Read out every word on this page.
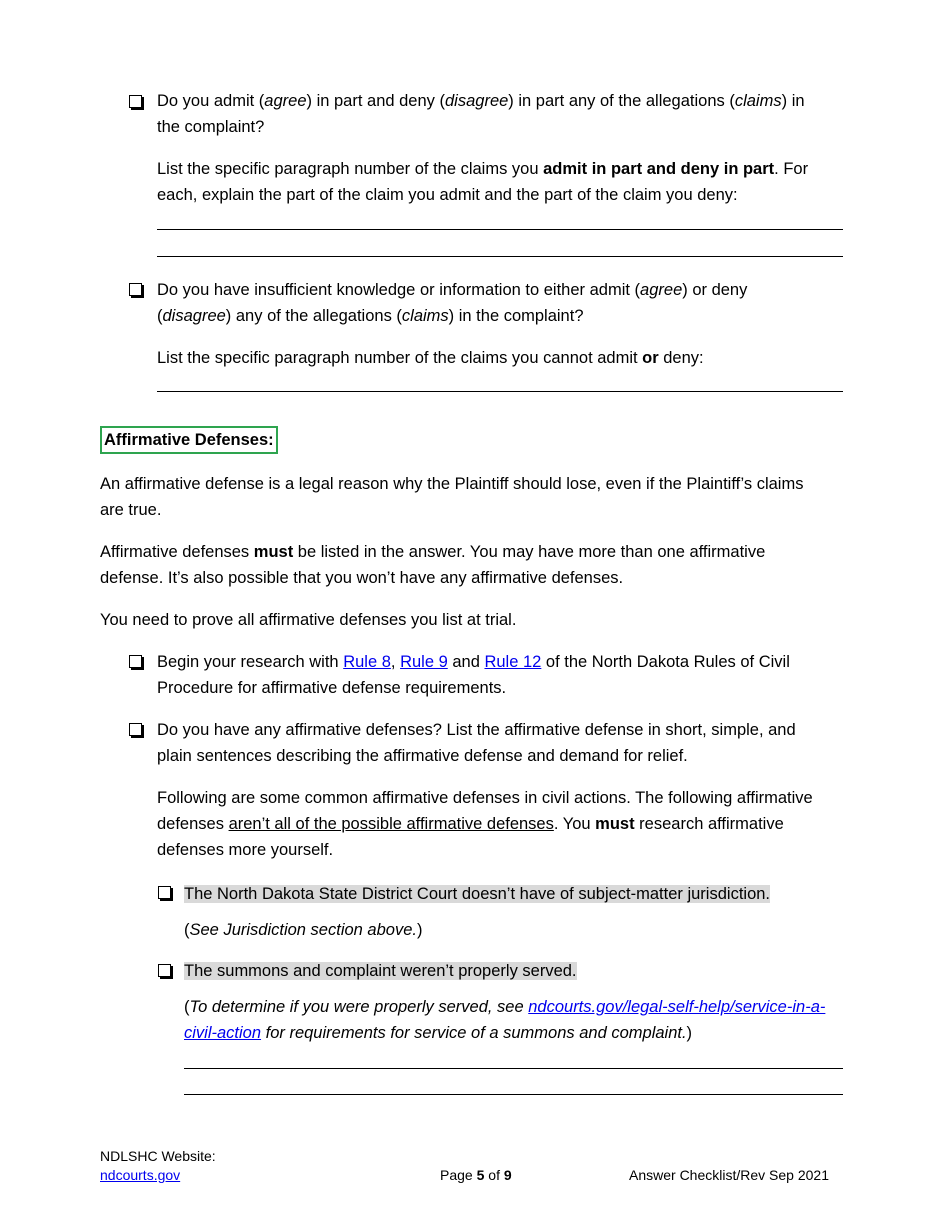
Do you admit (agree) in part and deny (disagree) in part any of the allegations (claims) in
the complaint?
List the specific paragraph number of the claims you admit in part and deny in part. For
each, explain the part of the claim you admit and the part of the claim you deny:
Do you have insufficient knowledge or information to either admit (agree) or deny
(disagree) any of the allegations (claims) in the complaint?
List the specific paragraph number of the claims you cannot admit or deny:
Affirmative Defenses:
An affirmative defense is a legal reason why the Plaintiff should lose, even if the Plaintiff’s claims
are true.
Affirmative defenses must be listed in the answer. You may have more than one affirmative
defense. It’s also possible that you won’t have any affirmative defenses.
You need to prove all affirmative defenses you list at trial.
Begin your research with Rule 8, Rule 9 and Rule 12 of the North Dakota Rules of Civil
Procedure for affirmative defense requirements.
Do you have any affirmative defenses? List the affirmative defense in short, simple, and
plain sentences describing the affirmative defense and demand for relief.
Following are some common affirmative defenses in civil actions. The following affirmative
defenses aren’t all of the possible affirmative defenses. You must research affirmative
defenses more yourself.
The North Dakota State District Court doesn’t have of subject-matter jurisdiction.
(See Jurisdiction section above.)
The summons and complaint weren’t properly served.
(To determine if you were properly served, see ndcourts.gov/legal-self-help/service-in-a-
civil-action for requirements for service of a summons and complaint.)
NDLSHC Website:
ndcourts.gov	Page 5 of 9	Answer Checklist/Rev Sep 2021
